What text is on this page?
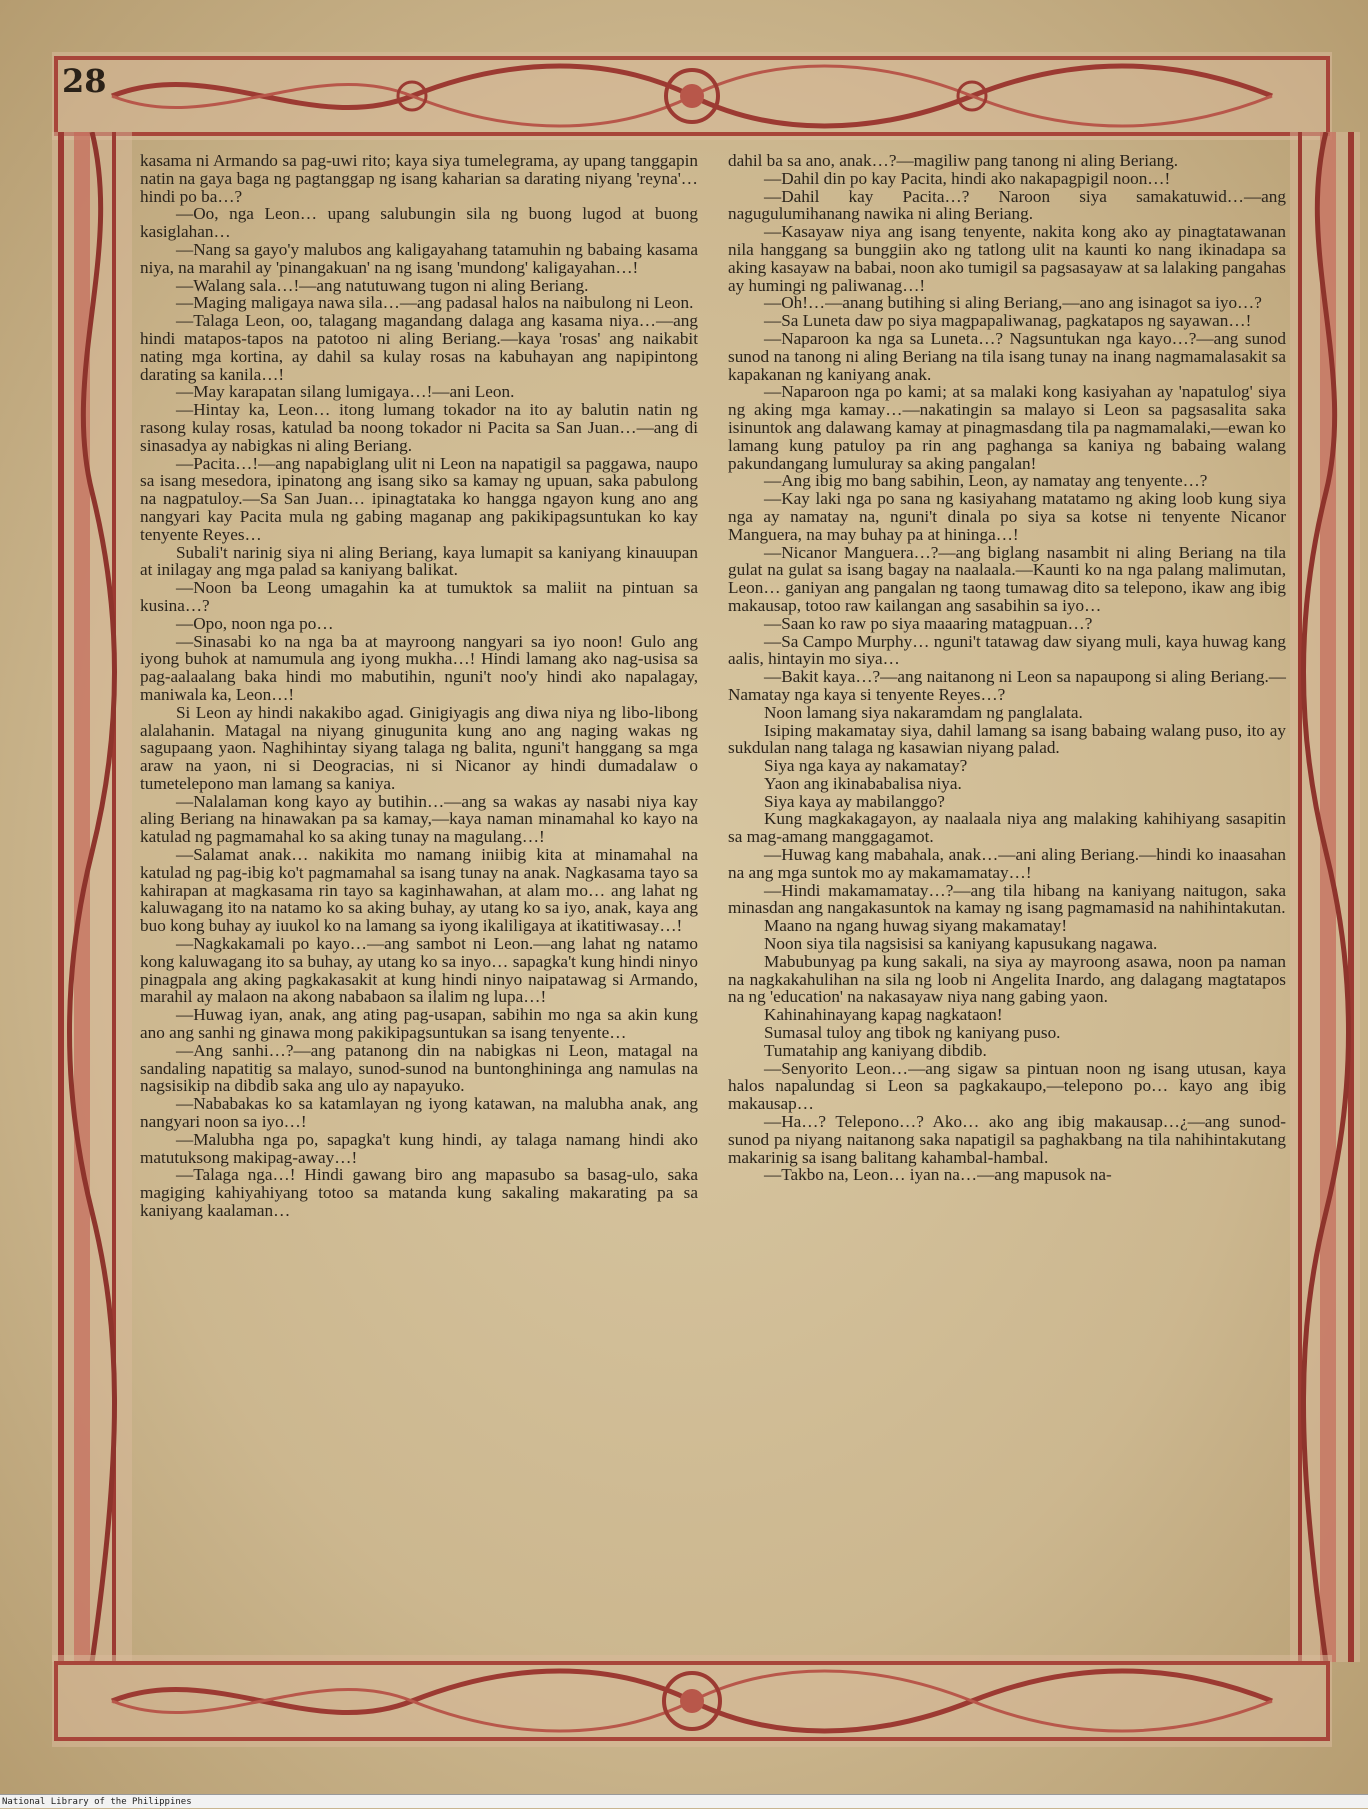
28

kasama ni Armando sa pag-uwi rito; kaya siya tumelegrama, ay upang tanggapin natin na gaya baga ng pagtanggap ng isang kaharian sa darating niyang 'reyna'… hindi po ba…?

—Oo, nga Leon… upang salubungin sila ng buong lugod at buong kasiglahan…

—Nang sa gayo'y malubos ang kaligayahang tatamuhin ng babaing kasama niya, na marahil ay 'pinangakuan' na ng isang 'mundong' kaligayahan…!

—Walang sala…!—ang natutuwang tugon ni aling Beriang.

—Maging maligaya nawa sila…—ang padasal halos na naibulong ni Leon.

—Talaga Leon, oo, talagang magandang dalaga ang kasama niya…—ang hindi matapos-tapos na patotoo ni aling Beriang.—kaya 'rosas' ang naikabit nating mga kortina, ay dahil sa kulay rosas na kabuhayan ang napipintong darating sa kanila…!

—May karapatan silang lumigaya…!—ani Leon.

—Hintay ka, Leon… itong lumang tokador na ito ay balutin natin ng rasong kulay rosas, katulad ba noong tokador ni Pacita sa San Juan…—ang di sinasadya ay nabigkas ni aling Beriang.

—Pacita…!—ang napabiglang ulit ni Leon na napatigil sa paggawa, naupo sa isang mesedora, ipinatong ang isang siko sa kamay ng upuan, saka pabulong na nagpatuloy.—Sa San Juan… ipinagtataka ko hangga ngayon kung ano ang nangyari kay Pacita mula ng gabing maganap ang pakikipagsuntukan ko kay tenyente Reyes…

Subali't narinig siya ni aling Beriang, kaya lumapit sa kaniyang kinauupan at inilagay ang mga palad sa kaniyang balikat.

—Noon ba Leong umagahin ka at tumuktok sa maliit na pintuan sa kusina…?

—Opo, noon nga po…

—Sinasabi ko na nga ba at mayroong nangyari sa iyo noon! Gulo ang iyong buhok at namumula ang iyong mukha…! Hindi lamang ako nag-usisa sa pag-aalaalang baka hindi mo mabutihin, nguni't noo'y hindi ako napalagay, maniwala ka, Leon…!

Si Leon ay hindi nakakibo agad. Ginigiyagis ang diwa niya ng libo-libong alalahanin. Matagal na niyang ginugunita kung ano ang naging wakas ng sagupaang yaon. Naghihintay siyang talaga ng balita, nguni't hanggang sa mga araw na yaon, ni si Deogracias, ni si Nicanor ay hindi dumadalaw o tumetelepono man lamang sa kaniya.

—Nalalaman kong kayo ay butihin…—ang sa wakas ay nasabi niya kay aling Beriang na hinawakan pa sa kamay,—kaya naman minamahal ko kayo na katulad ng pagmamahal ko sa aking tunay na magulang…!

—Salamat anak… nakikita mo namang iniibig kita at minamahal na katulad ng pag-ibig ko't pagmamahal sa isang tunay na anak. Nagkasama tayo sa kahirapan at magkasama rin tayo sa kaginhawahan, at alam mo… ang lahat ng kaluwagang ito na natamo ko sa aking buhay, ay utang ko sa iyo, anak, kaya ang buo kong buhay ay iuukol ko na lamang sa iyong ikaliligaya at ikatitiwasay…!

—Nagkakamali po kayo…—ang sambot ni Leon.—ang lahat ng natamo kong kaluwagang ito sa buhay, ay utang ko sa inyo… sapagka't kung hindi ninyo pinagpala ang aking pagkakasakit at kung hindi ninyo naipatawag si Armando, marahil ay malaon na akong nababaon sa ilalim ng lupa…!

—Huwag iyan, anak, ang ating pag-usapan, sabihin mo nga sa akin kung ano ang sanhi ng ginawa mong pakikipagsuntukan sa isang tenyente…

—Ang sanhi…?—ang patanong din na nabigkas ni Leon, matagal na sandaling napatitig sa malayo, sunod-sunod na buntonghininga ang namulas na nagsisikip na dibdib saka ang ulo ay napayuko.

—Nababakas ko sa katamlayan ng iyong katawan, na malubha anak, ang nangyari noon sa iyo…!

—Malubha nga po, sapagka't kung hindi, ay talaga namang hindi ako matutuksong makipag-away…!

—Talaga nga…! Hindi gawang biro ang mapasubo sa basag-ulo, saka magiging kahiyahiyang totoo sa matanda kung sakaling makarating pa sa kaniyang kaalaman…

dahil ba sa ano, anak…?—magiliw pang tanong ni aling Beriang.

—Dahil din po kay Pacita, hindi ako nakapagpigil noon…!

—Dahil kay Pacita…? Naroon siya samakatuwid…—ang nagugulumihanang nawika ni aling Beriang.

—Kasayaw niya ang isang tenyente, nakita kong ako ay pinagtatawanan nila hanggang sa bunggiin ako ng tatlong ulit na kaunti ko nang ikinadapa sa aking kasayaw na babai, noon ako tumigil sa pagsasayaw at sa lalaking pangahas ay humingi ng paliwanag…!

—Oh!…—anang butihing si aling Beriang,—ano ang isinagot sa iyo…?

—Sa Luneta daw po siya magpapaliwanag, pagkatapos ng sayawan…!

—Naparoon ka nga sa Luneta…? Nagsuntukan nga kayo…?—ang sunod sunod na tanong ni aling Beriang na tila isang tunay na inang nagmamalasakit sa kapakanan ng kaniyang anak.

—Naparoon nga po kami; at sa malaki kong kasiyahan ay 'napatulog' siya ng aking mga kamay…—nakatingin sa malayo si Leon sa pagsasalita saka isinuntok ang dalawang kamay at pinagmasdang tila pa nagmamalaki,—ewan ko lamang kung patuloy pa rin ang paghanga sa kaniya ng babaing walang pakundangang lumuluray sa aking pangalan!

—Ang ibig mo bang sabihin, Leon, ay namatay ang tenyente…?

—Kay laki nga po sana ng kasiyahang matatamo ng aking loob kung siya nga ay namatay na, nguni't dinala po siya sa kotse ni tenyente Nicanor Manguera, na may buhay pa at hininga…!

—Nicanor Manguera…?—ang biglang nasambit ni aling Beriang na tila gulat na gulat sa isang bagay na naalaala.—Kaunti ko na nga palang malimutan, Leon… ganiyan ang pangalan ng taong tumawag dito sa telepono, ikaw ang ibig makausap, totoo raw kailangan ang sasabihin sa iyo…

—Saan ko raw po siya maaaring matagpuan…?

—Sa Campo Murphy… nguni't tatawag daw siyang muli, kaya huwag kang aalis, hintayin mo siya…

—Bakit kaya…?—ang naitanong ni Leon sa napaupong si aling Beriang.—Namatay nga kaya si tenyente Reyes…?

Noon lamang siya nakaramdam ng panglalata.

Isiping makamatay siya, dahil lamang sa isang babaing walang puso, ito ay sukdulan nang talaga ng kasawian niyang palad.

Siya nga kaya ay nakamatay?

Yaon ang ikinababalisa niya.

Siya kaya ay mabilanggo?

Kung magkakagayon, ay naalaala niya ang malaking kahihiyang sasapitin sa mag-amang manggagamot.

—Huwag kang mabahala, anak…—ani aling Beriang.—hindi ko inaasahan na ang mga suntok mo ay makamamatay…!

—Hindi makamamatay…?—ang tila hibang na kaniyang naitugon, saka minasdan ang nangakasuntok na kamay ng isang pagmamasid na nahihintakutan.

Maano na ngang huwag siyang makamatay!

Noon siya tila nagsisisi sa kaniyang kapusukang nagawa.

Mabubunyag pa kung sakali, na siya ay mayroong asawa, noon pa naman na nagkakahulihan na sila ng loob ni Angelita Inardo, ang dalagang magtatapos na ng 'education' na nakasayaw niya nang gabing yaon.

Kahinahinayang kapag nagkataon!

Sumasal tuloy ang tibok ng kaniyang puso.

Tumatahip ang kaniyang dibdib.

—Senyorito Leon…—ang sigaw sa pintuan noon ng isang utusan, kaya halos napalundag si Leon sa pagkakaupo,—telepono po… kayo ang ibig makausap…

—Ha…? Telepono…? Ako… ako ang ibig makausap…¿—ang sunod-sunod pa niyang naitanong saka napatigil sa paghakbang na tila nahihintakutang makarinig sa isang balitang kahambal-hambal.

—Takbo na, Leon… iyan na…—ang mapusok na-

National Library of the Philippines
